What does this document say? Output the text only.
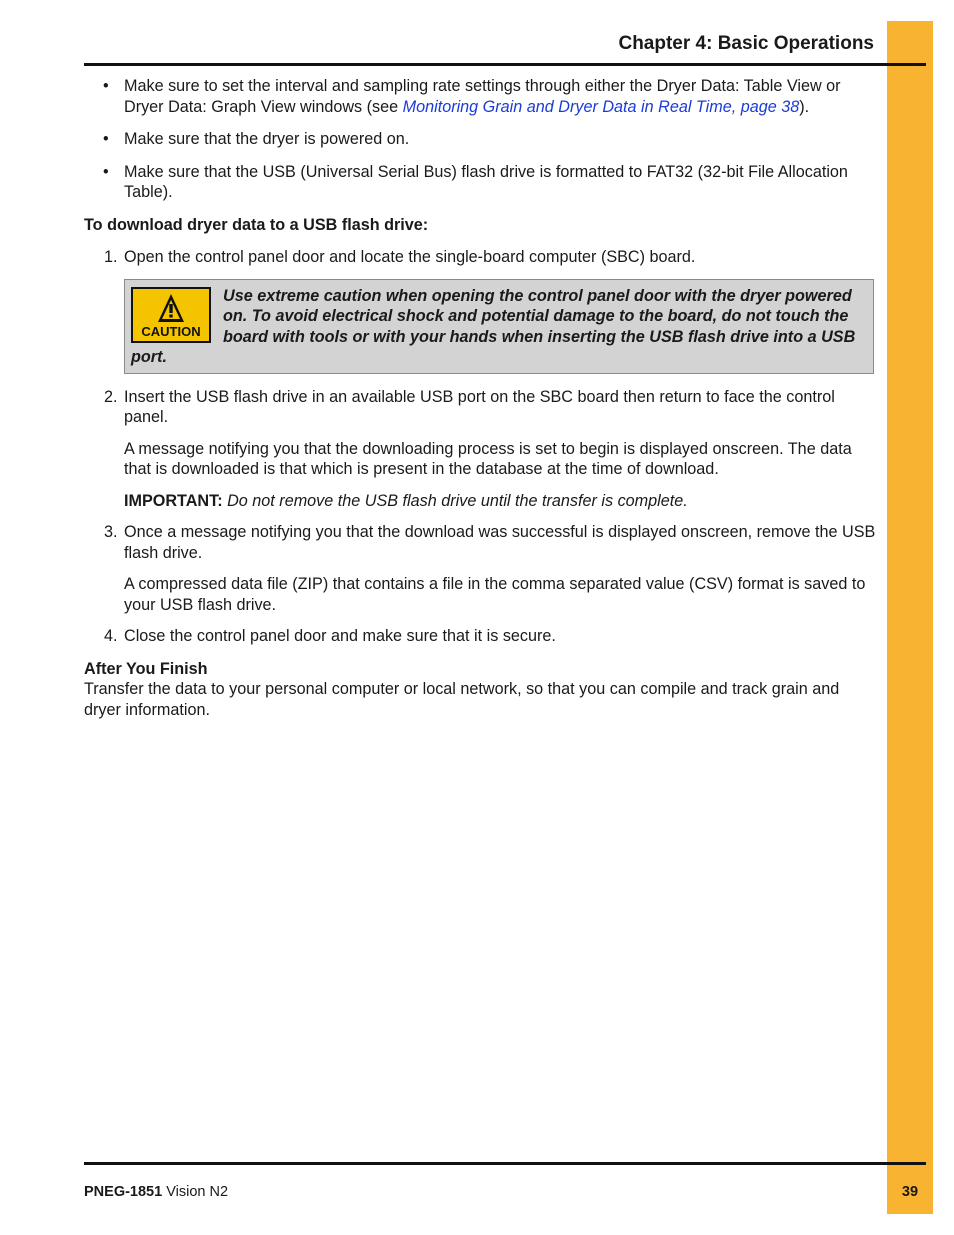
Chapter 4: Basic Operations
• Make sure to set the interval and sampling rate settings through either the Dryer Data: Table View or Dryer Data: Graph View windows (see Monitoring Grain and Dryer Data in Real Time, page 38).
• Make sure that the dryer is powered on.
• Make sure that the USB (Universal Serial Bus) flash drive is formatted to FAT32 (32-bit File Allocation Table).
To download dryer data to a USB flash drive:
1. Open the control panel door and locate the single-board computer (SBC) board.
CAUTION
Use extreme caution when opening the control panel door with the dryer powered on. To avoid electrical shock and potential damage to the board, do not touch the board with tools or with your hands when inserting the USB flash drive into a USB port.
2. Insert the USB flash drive in an available USB port on the SBC board then return to face the control panel.
A message notifying you that the downloading process is set to begin is displayed onscreen. The data that is downloaded is that which is present in the database at the time of download.
IMPORTANT: Do not remove the USB flash drive until the transfer is complete.
3. Once a message notifying you that the download was successful is displayed onscreen, remove the USB flash drive.
A compressed data file (ZIP) that contains a file in the comma separated value (CSV) format is saved to your USB flash drive.
4. Close the control panel door and make sure that it is secure.
After You Finish
Transfer the data to your personal computer or local network, so that you can compile and track grain and dryer information.
PNEG-1851 Vision N2	39
